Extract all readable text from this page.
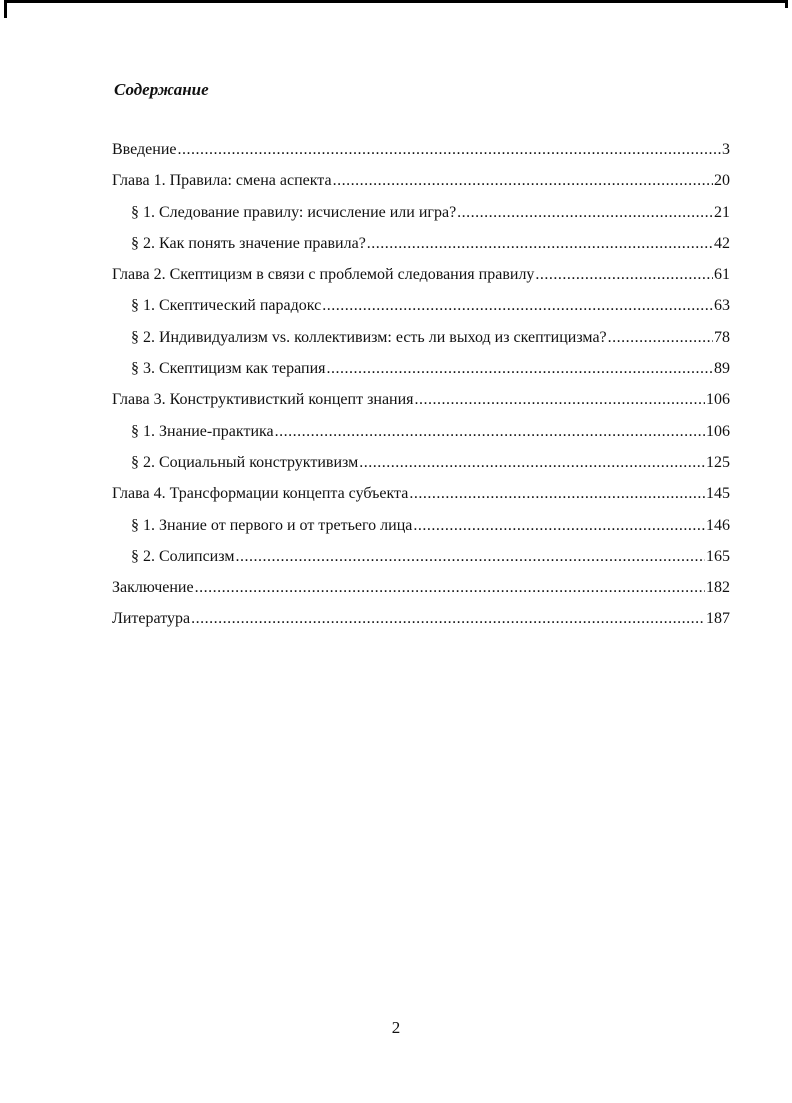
Содержание
Введение .....	3
Глава 1. Правила: смена аспекта .....	20
§ 1. Следование правилу: исчисление или игра? .....	21
§ 2. Как понять значение правила? .....	42
Глава 2. Скептицизм в связи с проблемой следования правилу .....	61
§ 1. Скептический парадокс .....	63
§ 2. Индивидуализм vs. коллективизм: есть ли выход из скептицизма? .....	78
§ 3. Скептицизм как терапия .....	89
Глава 3. Конструктивисткий концепт знания .....	106
§ 1. Знание-практика .....	106
§ 2. Социальный конструктивизм .....	125
Глава 4. Трансформации концепта субъекта .....	145
§ 1. Знание от первого и от третьего лица .....	146
§ 2. Солипсизм .....	165
Заключение .....	182
Литература .....	187
2
